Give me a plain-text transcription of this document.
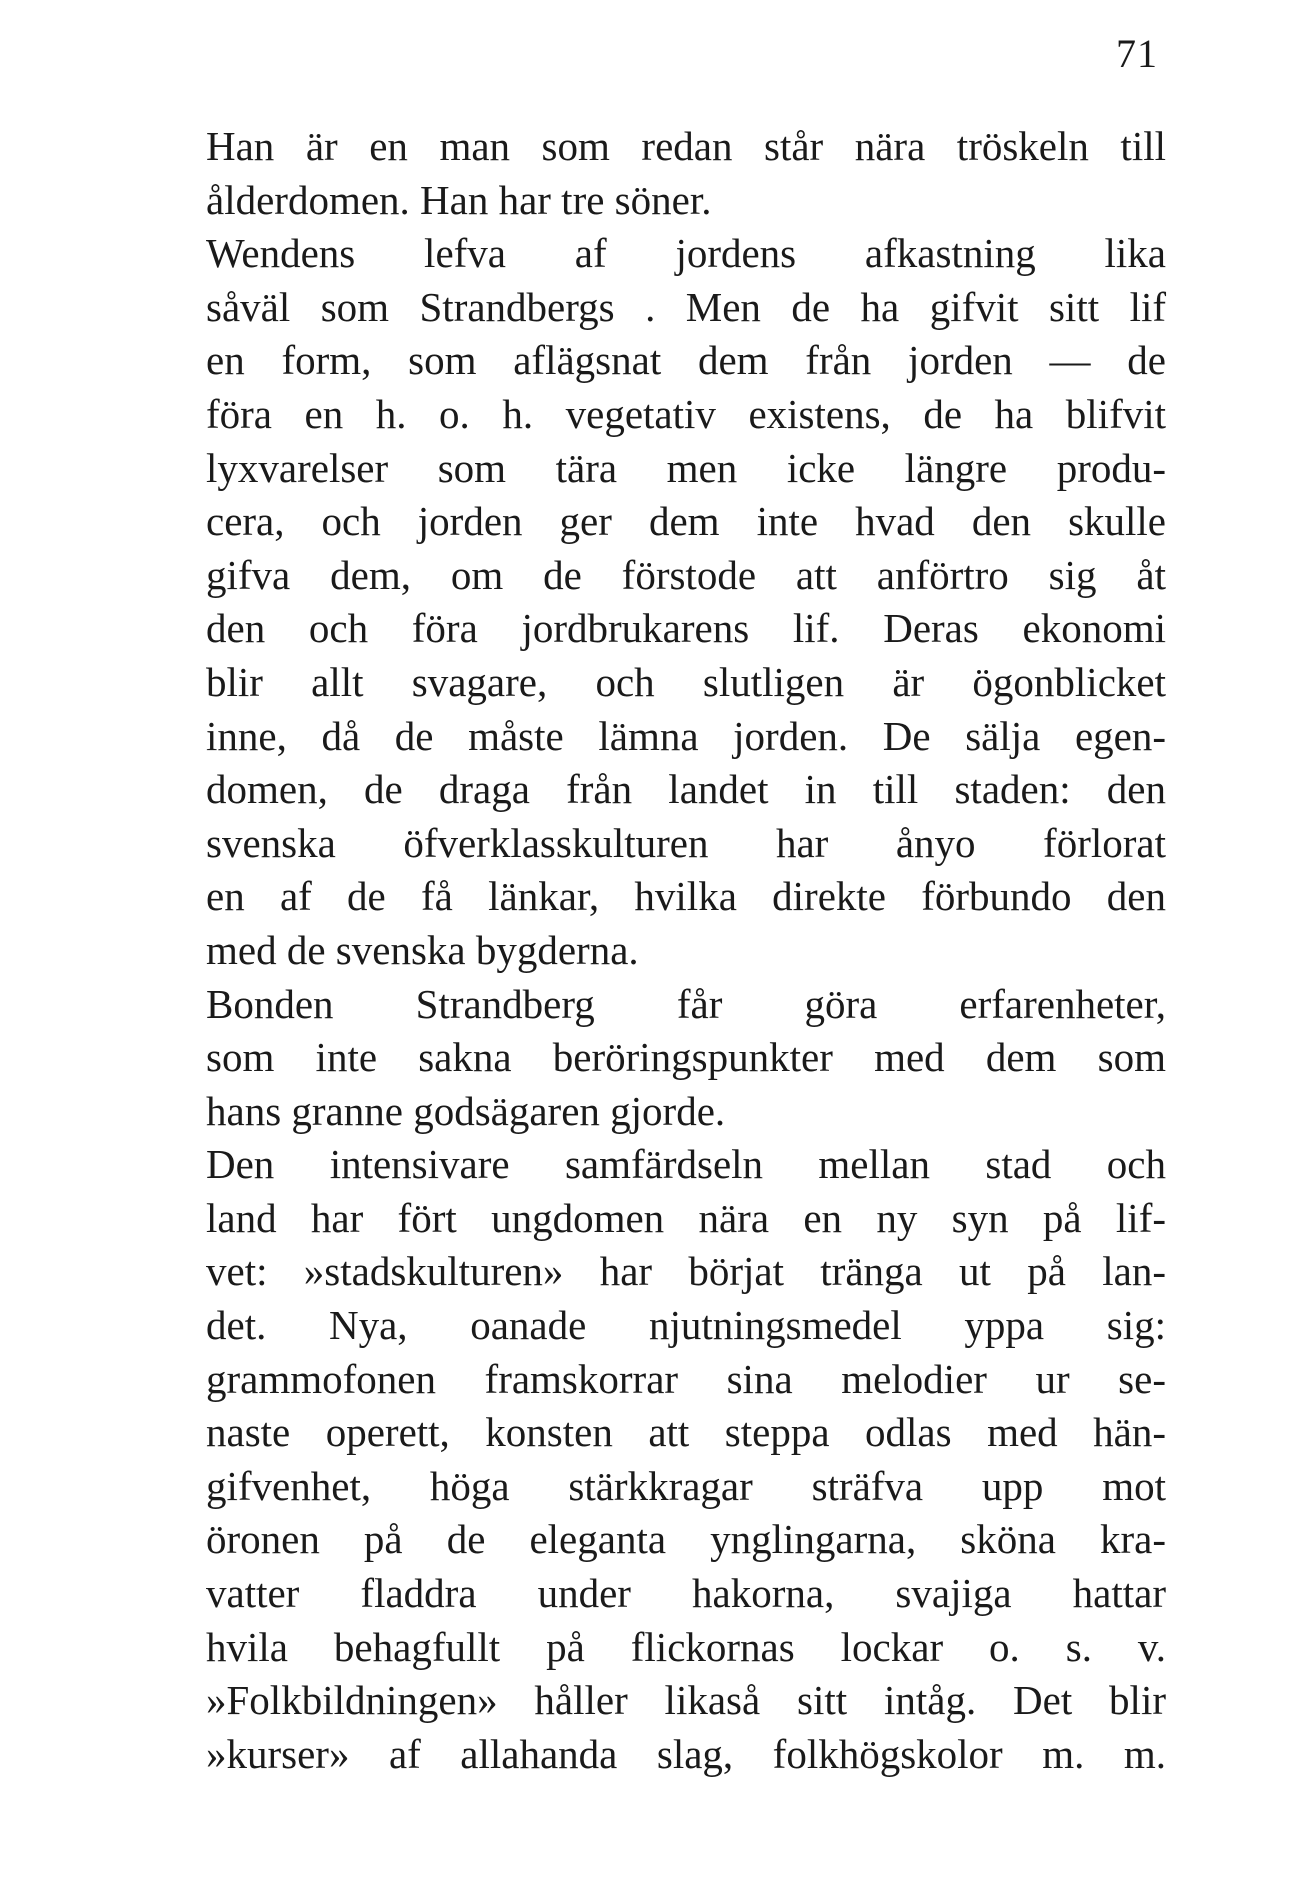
71
Han är en man som redan står nära tröskeln till
ålderdomen. Han har tre söner.
Wendens lefva af jordens afkastning lika
såväl som Strandbergs . Men de ha gifvit sitt lif
en form, som aflägsnat dem från jorden — de
föra en h. o. h. vegetativ existens, de ha blifvit
lyxvarelser som tära men icke längre produ-
cera, och jorden ger dem inte hvad den skulle
gifva dem, om de förstode att anförtro sig åt
den och föra jordbrukarens lif. Deras ekonomi
blir allt svagare, och slutligen är ögonblicket
inne, då de måste lämna jorden. De sälja egen-
domen, de draga från landet in till staden: den
svenska öfverklasskulturen har ånyo förlorat
en af de få länkar, hvilka direkte förbundo den
med de svenska bygderna.
Bonden Strandberg får göra erfarenheter,
som inte sakna beröringspunkter med dem som
hans granne godsägaren gjorde.
Den intensivare samfärdseln mellan stad och
land har fört ungdomen nära en ny syn på lif-
vet: »stadskulturen» har börjat tränga ut på lan-
det. Nya, oanade njutningsmedel yppa sig:
grammofonen framskorrar sina melodier ur se-
naste operett, konsten att steppa odlas med hän-
gifvenhet, höga stärkkragar sträfva upp mot
öronen på de eleganta ynglingarna, sköna kra-
vatter fladdra under hakorna, svajiga hattar
hvila behagfullt på flickornas lockar o. s. v.
»Folkbildningen» håller likaså sitt intåg. Det blir
»kurser» af allahanda slag, folkhögskolor m. m.
